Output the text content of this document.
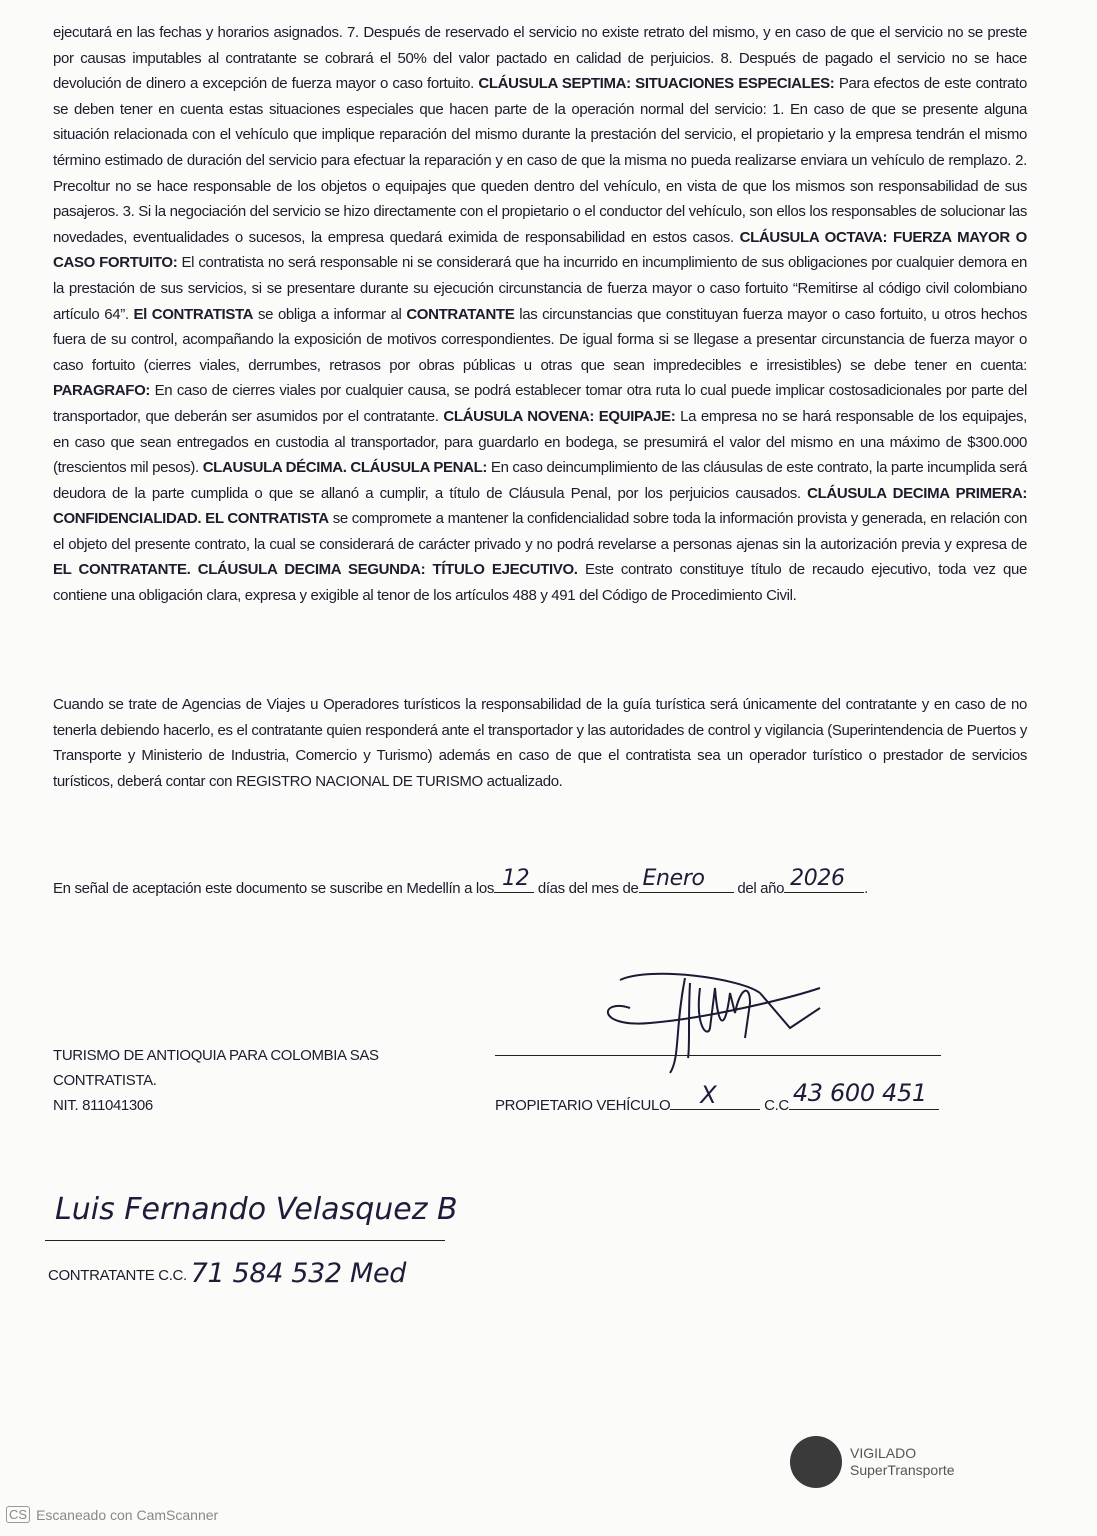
ejecutará en las fechas y horarios asignados. 7. Después de reservado el servicio no existe retrato del mismo, y en caso de que el servicio no se preste por causas imputables al contratante se cobrará el 50% del valor pactado en calidad de perjuicios. 8. Después de pagado el servicio no se hace devolución de dinero a excepción de fuerza mayor o caso fortuito. CLÁUSULA SEPTIMA: SITUACIONES ESPECIALES: Para efectos de este contrato se deben tener en cuenta estas situaciones especiales que hacen parte de la operación normal del servicio: 1. En caso de que se presente alguna situación relacionada con el vehículo que implique reparación del mismo durante la prestación del servicio, el propietario y la empresa tendrán el mismo término estimado de duración del servicio para efectuar la reparación y en caso de que la misma no pueda realizarse enviara un vehículo de remplazo. 2. Precoltur no se hace responsable de los objetos o equipajes que queden dentro del vehículo, en vista de que los mismos son responsabilidad de sus pasajeros. 3. Si la negociación del servicio se hizo directamente con el propietario o el conductor del vehículo, son ellos los responsables de solucionar las novedades, eventualidades o sucesos, la empresa quedará eximida de responsabilidad en estos casos. CLÁUSULA OCTAVA: FUERZA MAYOR O CASO FORTUITO: El contratista no será responsable ni se considerará que ha incurrido en incumplimiento de sus obligaciones por cualquier demora en la prestación de sus servicios, si se presentare durante su ejecución circunstancia de fuerza mayor o caso fortuito “Remitirse al código civil colombiano artículo 64”. El CONTRATISTA se obliga a informar al CONTRATANTE las circunstancias que constituyan fuerza mayor o caso fortuito, u otros hechos fuera de su control, acompañando la exposición de motivos correspondientes. De igual forma si se llegase a presentar circunstancia de fuerza mayor o caso fortuito (cierres viales, derrumbes, retrasos por obras públicas u otras que sean impredecibles e irresistibles) se debe tener en cuenta: PARAGRAFO: En caso de cierres viales por cualquier causa, se podrá establecer tomar otra ruta lo cual puede implicar costosadicionales por parte del transportador, que deberán ser asumidos por el contratante. CLÁUSULA NOVENA: EQUIPAJE: La empresa no se hará responsable de los equipajes, en caso que sean entregados en custodia al transportador, para guardarlo en bodega, se presumirá el valor del mismo en una máximo de $300.000 (trescientos mil pesos). CLAUSULA DÉCIMA. CLÁUSULA PENAL: En caso deincumplimiento de las cláusulas de este contrato, la parte incumplida será deudora de la parte cumplida o que se allanó a cumplir, a título de Cláusula Penal, por los perjuicios causados. CLÁUSULA DECIMA PRIMERA: CONFIDENCIALIDAD. EL CONTRATISTA se compromete a mantener la confidencialidad sobre toda la información provista y generada, en relación con el objeto del presente contrato, la cual se considerará de carácter privado y no podrá revelarse a personas ajenas sin la autorización previa y expresa de EL CONTRATANTE. CLÁUSULA DECIMA SEGUNDA: TÍTULO EJECUTIVO. Este contrato constituye título de recaudo ejecutivo, toda vez que contiene una obligación clara, expresa y exigible al tenor de los artículos 488 y 491 del Código de Procedimiento Civil.

Cuando se trate de Agencias de Viajes u Operadores turísticos la responsabilidad de la guía turística será únicamente del contratante y en caso de no tenerla debiendo hacerlo, es el contratante quien responderá ante el transportador y las autoridades de control y vigilancia (Superintendencia de Puertos y Transporte y Ministerio de Industria, Comercio y Turismo) además en caso de que el contratista sea un operador turístico o prestador de servicios turísticos, deberá contar con REGISTRO NACIONAL DE TURISMO actualizado.

En señal de aceptación este documento se suscribe en Medellín a los 12 días del mes de Enero del año 2026 .
TURISMO DE ANTIOQUIA PARA COLOMBIA SAS
CONTRATISTA.
NIT. 811041306	PROPIETARIO VEHÍCULO X	C.C 43 600 451
Luis Fernando Velasquez B
CONTRATANTE C.C. 71 584 532 Med
VIGILADO
SuperTransporte
CS Escaneado con CamScanner
